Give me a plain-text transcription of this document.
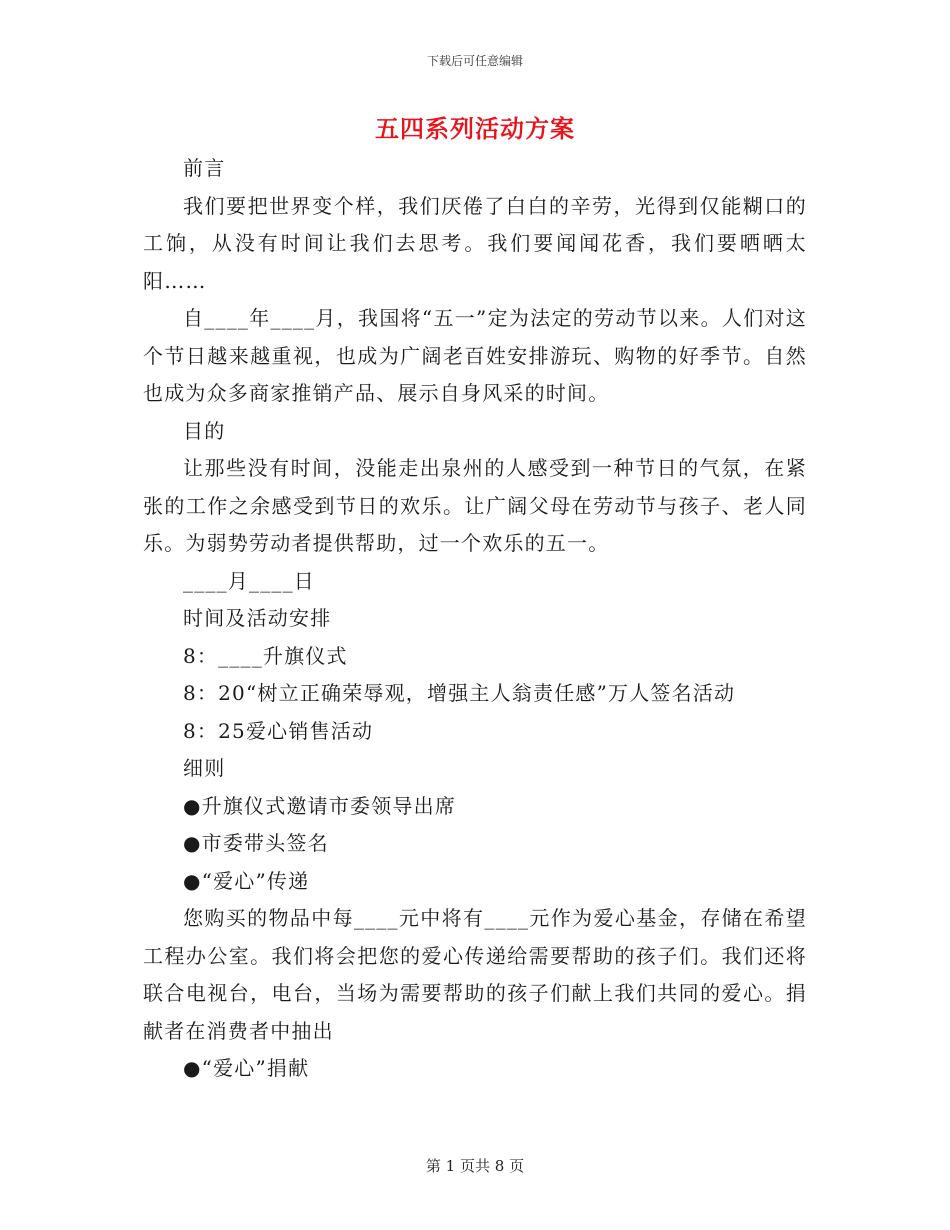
下载后可任意编辑
五四系列活动方案

前言

我们要把世界变个样，我们厌倦了白白的辛劳，光得到仅能糊口的工饷，从没有时间让我们去思考。我们要闻闻花香，我们要晒晒太阳……

自____年____月，我国将“五一”定为法定的劳动节以来。人们对这个节日越来越重视，也成为广阔老百姓安排游玩、购物的好季节。自然也成为众多商家推销产品、展示自身风采的时间。

目的

让那些没有时间，没能走出泉州的人感受到一种节日的气氛，在紧张的工作之余感受到节日的欢乐。让广阔父母在劳动节与孩子、老人同乐。为弱势劳动者提供帮助，过一个欢乐的五一。

____月____日

时间及活动安排

8：____升旗仪式

8：20“树立正确荣辱观，增强主人翁责任感”万人签名活动

8：25爱心销售活动

细则

●升旗仪式邀请市委领导出席

●市委带头签名

●“爱心”传递

您购买的物品中每____元中将有____元作为爱心基金，存储在希望工程办公室。我们将会把您的爱心传递给需要帮助的孩子们。我们还将联合电视台，电台，当场为需要帮助的孩子们献上我们共同的爱心。捐献者在消费者中抽出

●“爱心”捐献

第 1 页共 8 页
